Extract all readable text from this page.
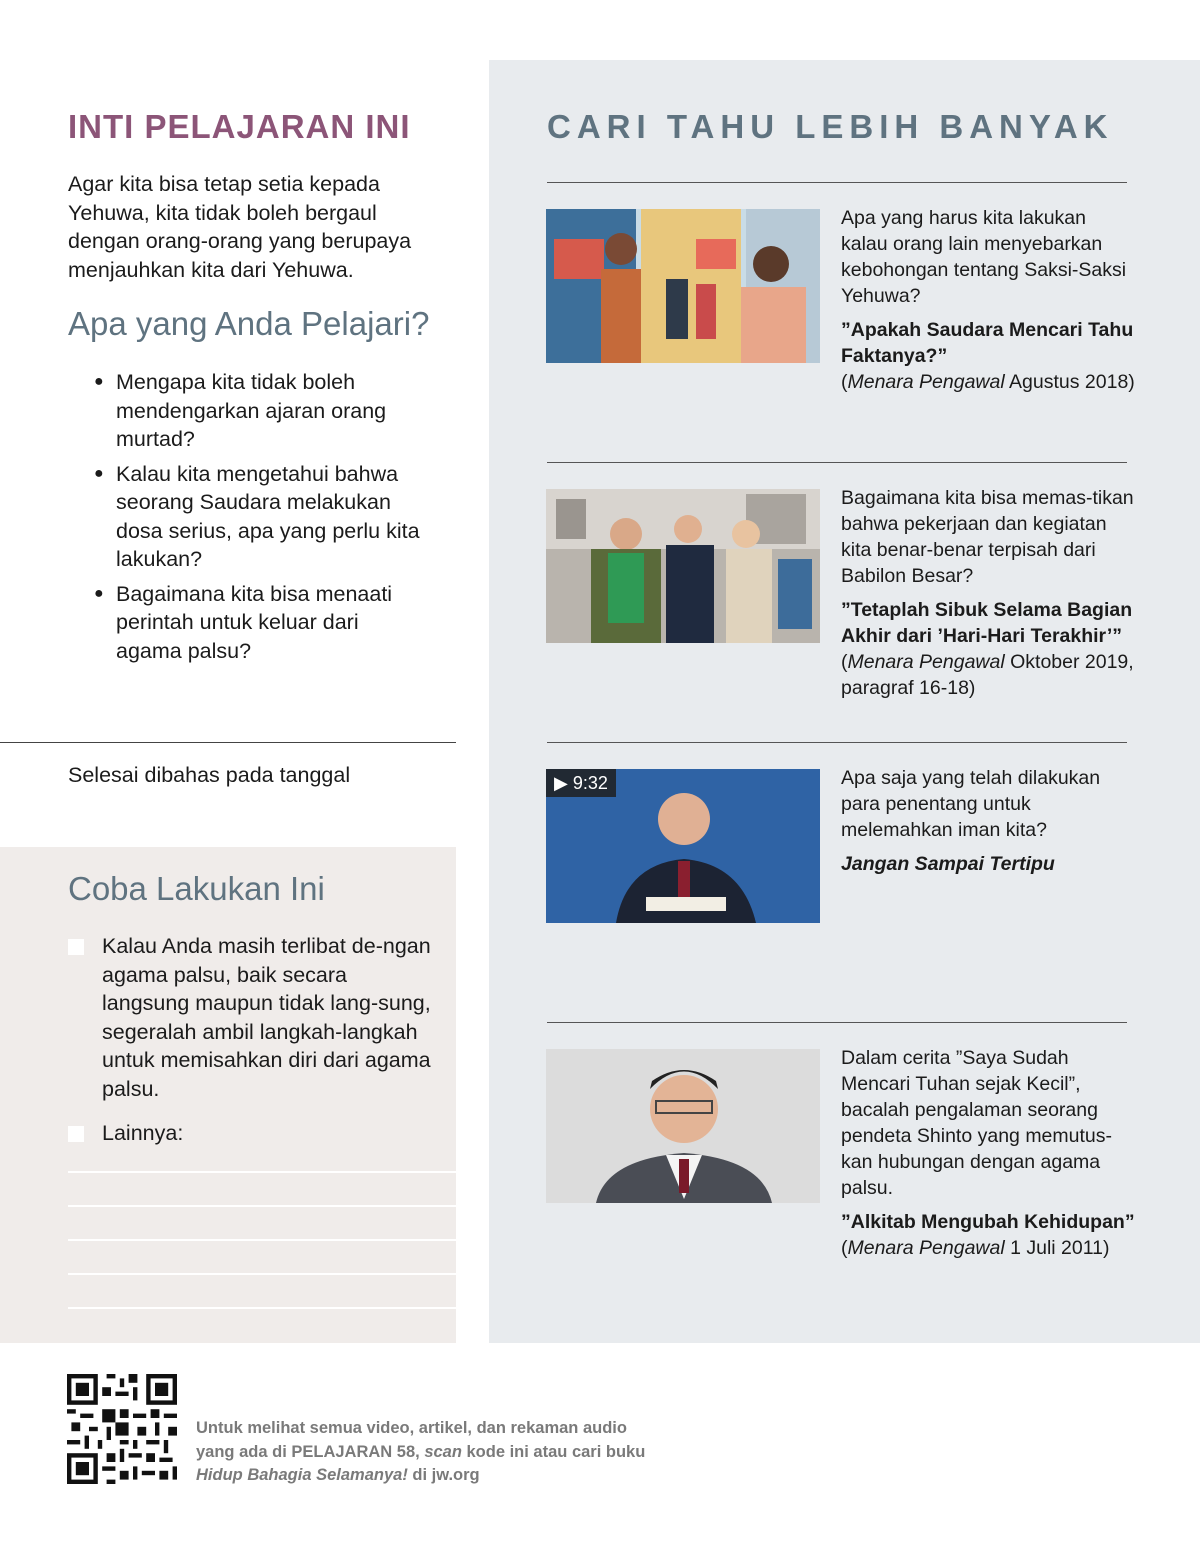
INTI PELAJARAN INI

Agar kita bisa tetap setia kepada Yehuwa, kita tidak boleh bergaul dengan orang-orang yang berupaya menjauhkan kita dari Yehuwa.

Apa yang Anda Pelajari?
● Mengapa kita tidak boleh mendengarkan ajaran orang murtad?
● Kalau kita mengetahui bahwa seorang Saudara melakukan dosa serius, apa yang perlu kita lakukan?
● Bagaimana kita bisa menaati perintah untuk keluar dari agama palsu?
Selesai dibahas pada tanggal
Coba Lakukan Ini
Kalau Anda masih terlibat de-ngan agama palsu, baik secara langsung maupun tidak lang-sung, segeralah ambil langkah-langkah untuk memisahkan diri dari agama palsu.
Lainnya:
CARI TAHU LEBIH BANYAK

Apa yang harus kita lakukan kalau orang lain menyebarkan kebohongan tentang Saksi-Saksi Yehuwa?

”Apakah Saudara Mencari Tahu Faktanya?”
(Menara Pengawal Agustus 2018)

Bagaimana kita bisa memas-tikan bahwa pekerjaan dan kegiatan kita benar-benar terpisah dari Babilon Besar?

”Tetaplah Sibuk Selama Bagian Akhir dari ’Hari-Hari Terakhir’” (Menara Pengawal Oktober 2019, paragraf 16-18)

▶ 9:32	Apa saja yang telah dilakukan para penentang untuk melemahkan iman kita?

Jangan Sampai Tertipu

Dalam cerita ”Saya Sudah Mencari Tuhan sejak Kecil”, bacalah pengalaman seorang pendeta Shinto yang memutus-kan hubungan dengan agama palsu.

”Alkitab Mengubah Kehidupan”
(Menara Pengawal 1 Juli 2011)

Untuk melihat semua video, artikel, dan rekaman audio
yang ada di PELAJARAN 58, scan kode ini atau cari buku
Hidup Bahagia Selamanya! di jw.org
